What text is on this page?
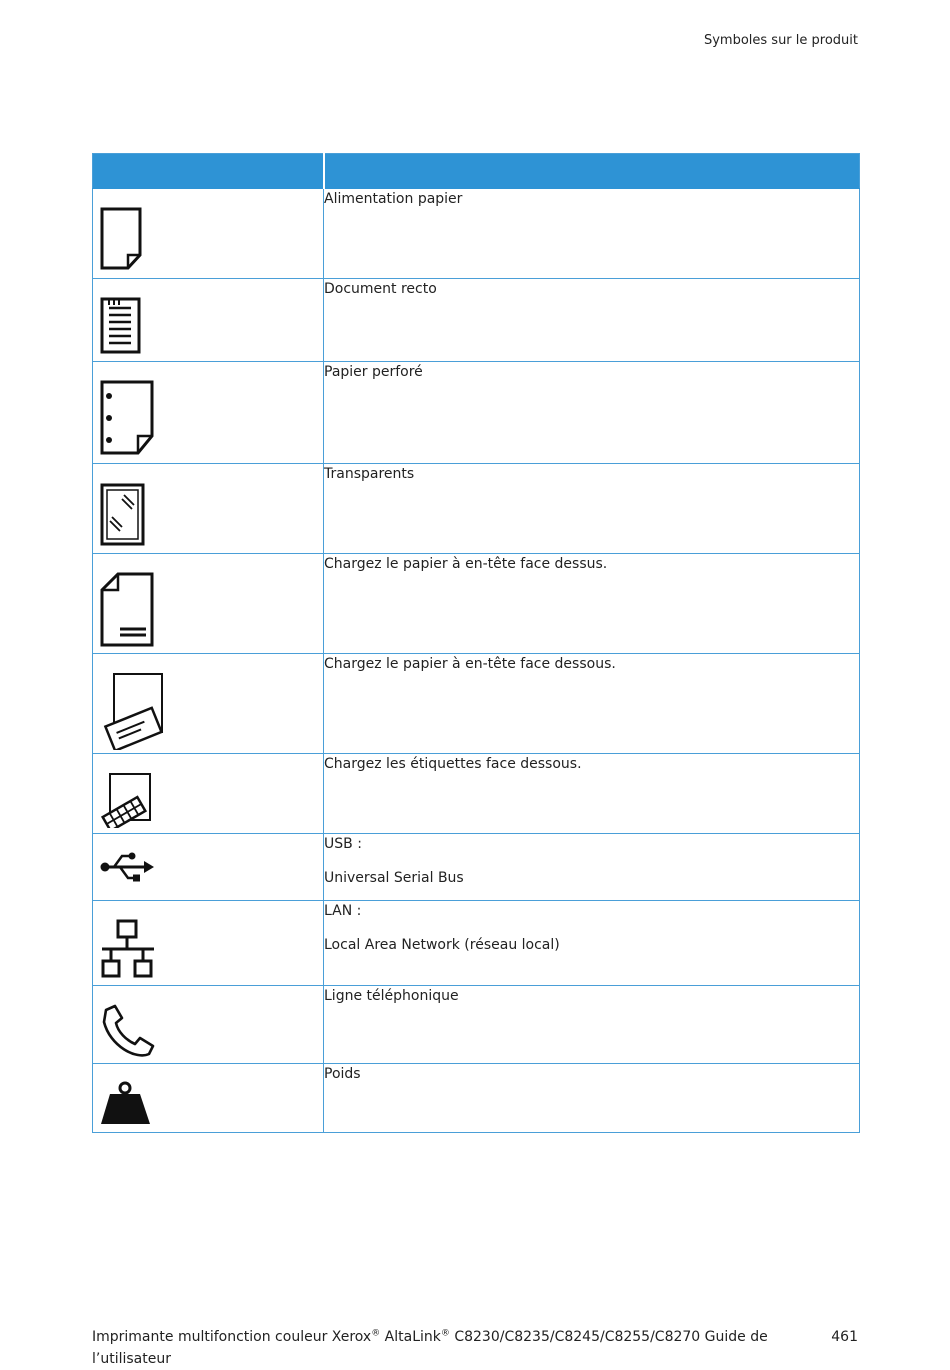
Symboles sur le produit

Alimentation papier

Document recto

Papier perforé

Transparents

Chargez le papier à en-tête face dessus.

Chargez le papier à en-tête face dessous.

Chargez les étiquettes face dessous.

USB :

Universal Serial Bus

LAN :

Local Area Network (réseau local)

Ligne téléphonique

Poids

Imprimante multifonction couleur Xerox® AltaLink® C8230/C8235/C8245/C8255/C8270 Guide de l’utilisateur
461
